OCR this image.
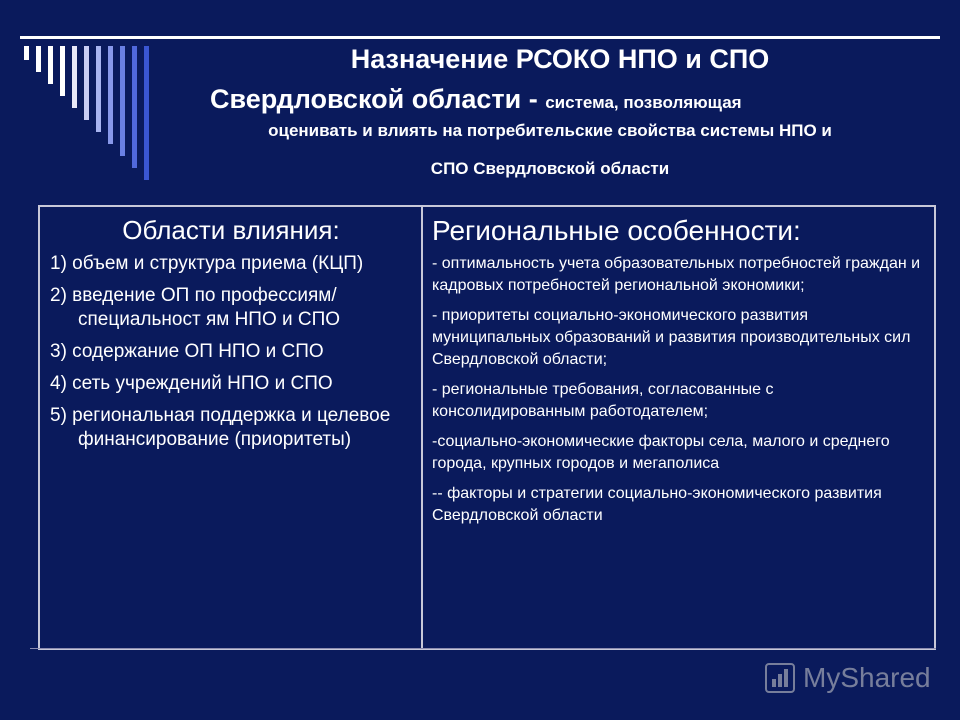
Назначение РСОКО НПО и СПО
Свердловской области - система, позволяющая
оценивать и влиять на потребительские свойства системы НПО и
СПО Свердловской области
Области влияния:
1) объем и структура приема (КЦП)
2) введение ОП по профессиям/специальност ям НПО и СПО
3) содержание ОП НПО и СПО
4) сеть учреждений НПО и СПО
5) региональная поддержка и целевое финансирование (приоритеты)
Региональные особенности:
- оптимальность учета образовательных потребностей граждан и кадровых потребностей региональной экономики;
- приоритеты социально-экономического развития муниципальных образований и развития производительных сил Свердловской области;
- региональные требования, согласованные с консолидированным работодателем;
-социально-экономические факторы села, малого и среднего города, крупных городов и мегаполиса
-- факторы и стратегии социально-экономического развития Свердловской области
MyShared
